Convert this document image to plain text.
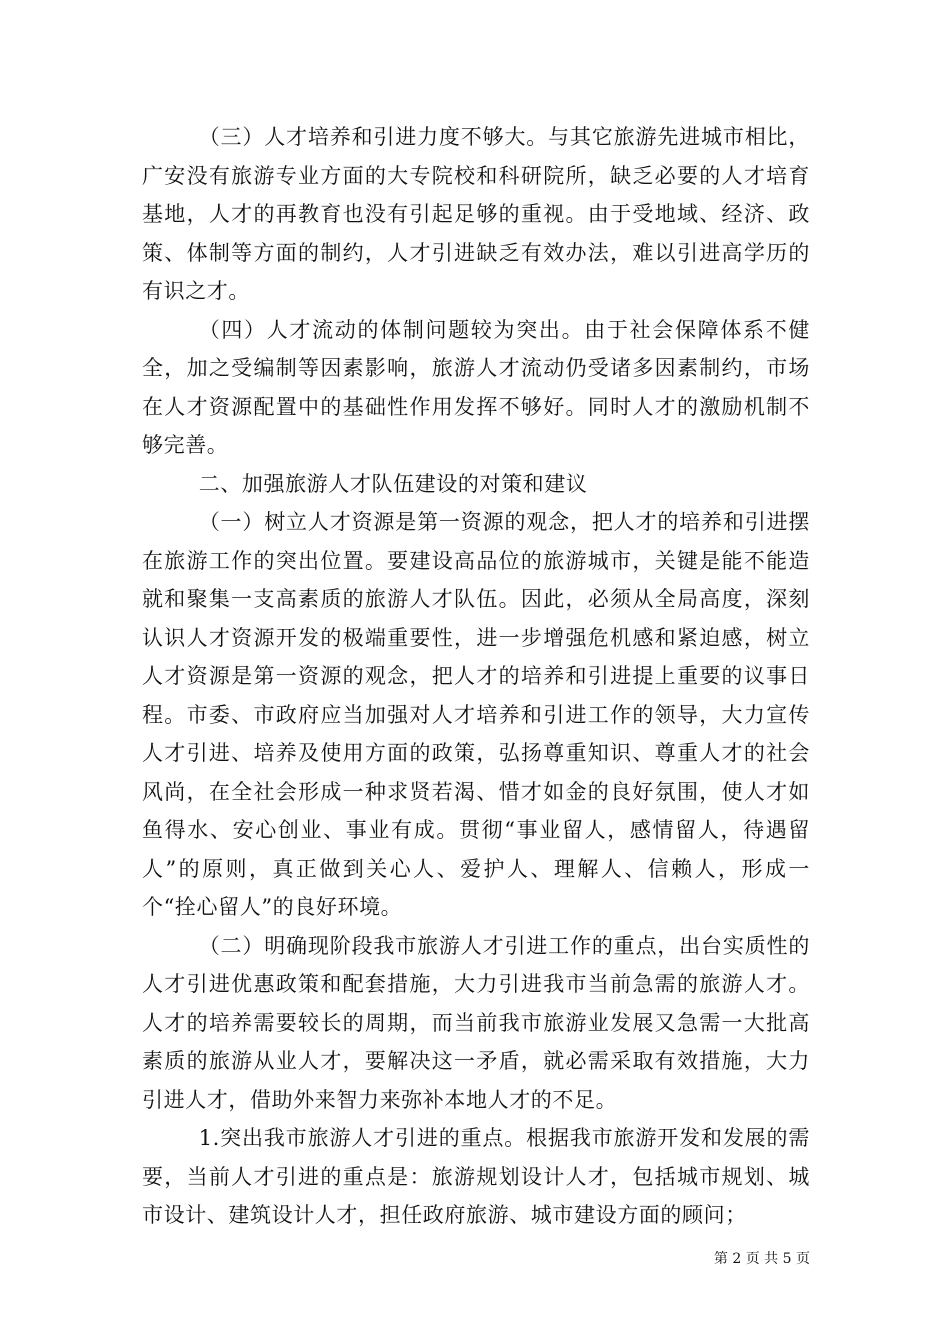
（三）人才培养和引进力度不够大。与其它旅游先进城市相比，广安没有旅游专业方面的大专院校和科研院所，缺乏必要的人才培育基地，人才的再教育也没有引起足够的重视。由于受地域、经济、政策、体制等方面的制约，人才引进缺乏有效办法，难以引进高学历的有识之才。

（四）人才流动的体制问题较为突出。由于社会保障体系不健全，加之受编制等因素影响，旅游人才流动仍受诸多因素制约，市场在人才资源配置中的基础性作用发挥不够好。同时人才的激励机制不够完善。

二、加强旅游人才队伍建设的对策和建议

（一）树立人才资源是第一资源的观念，把人才的培养和引进摆在旅游工作的突出位置。要建设高品位的旅游城市，关键是能不能造就和聚集一支高素质的旅游人才队伍。因此，必须从全局高度，深刻认识人才资源开发的极端重要性，进一步增强危机感和紧迫感，树立人才资源是第一资源的观念，把人才的培养和引进提上重要的议事日程。市委、市政府应当加强对人才培养和引进工作的领导，大力宣传人才引进、培养及使用方面的政策，弘扬尊重知识、尊重人才的社会风尚，在全社会形成一种求贤若渴、惜才如金的良好氛围，使人才如鱼得水、安心创业、事业有成。贯彻“事业留人，感情留人，待遇留人”的原则，真正做到关心人、爱护人、理解人、信赖人，形成一个“拴心留人”的良好环境。

（二）明确现阶段我市旅游人才引进工作的重点，出台实质性的人才引进优惠政策和配套措施，大力引进我市当前急需的旅游人才。人才的培养需要较长的周期，而当前我市旅游业发展又急需一大批高素质的旅游从业人才，要解决这一矛盾，就必需采取有效措施，大力引进人才，借助外来智力来弥补本地人才的不足。

1.突出我市旅游人才引进的重点。根据我市旅游开发和发展的需要，当前人才引进的重点是：旅游规划设计人才，包括城市规划、城市设计、建筑设计人才，担任政府旅游、城市建设方面的顾问；

第 2 页 共 5 页
